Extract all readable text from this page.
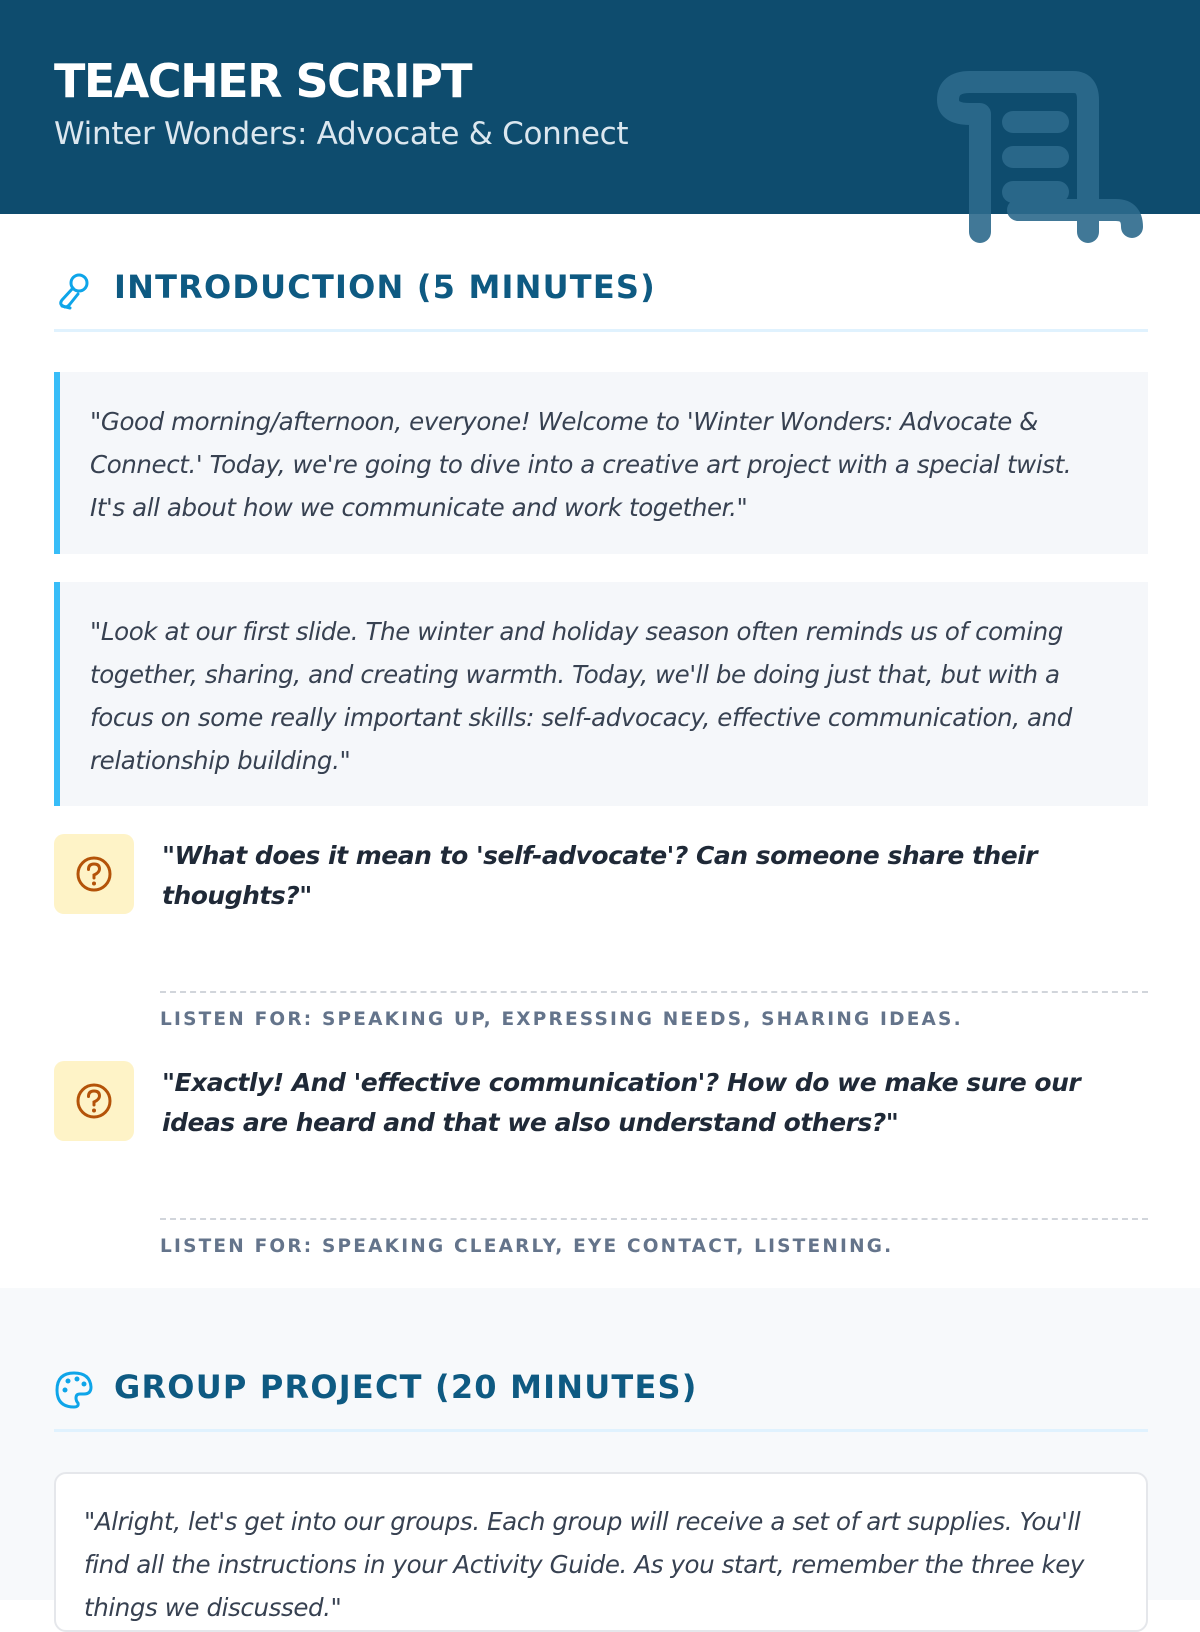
TEACHER SCRIPT
Winter Wonders: Advocate & Connect
INTRODUCTION (5 MINUTES)
"Good morning/afternoon, everyone! Welcome to 'Winter Wonders: Advocate & Connect.' Today, we're going to dive into a creative art project with a special twist. It's all about how we communicate and work together."
"Look at our first slide. The winter and holiday season often reminds us of coming together, sharing, and creating warmth. Today, we'll be doing just that, but with a focus on some really important skills: self-advocacy, effective communication, and relationship building."
"What does it mean to 'self-advocate'? Can someone share their thoughts?"
LISTEN FOR: SPEAKING UP, EXPRESSING NEEDS, SHARING IDEAS.
"Exactly! And 'effective communication'? How do we make sure our ideas are heard and that we also understand others?"
LISTEN FOR: SPEAKING CLEARLY, EYE CONTACT, LISTENING.
GROUP PROJECT (20 MINUTES)
"Alright, let's get into our groups. Each group will receive a set of art supplies. You'll find all the instructions in your Activity Guide. As you start, remember the three key things we discussed."
